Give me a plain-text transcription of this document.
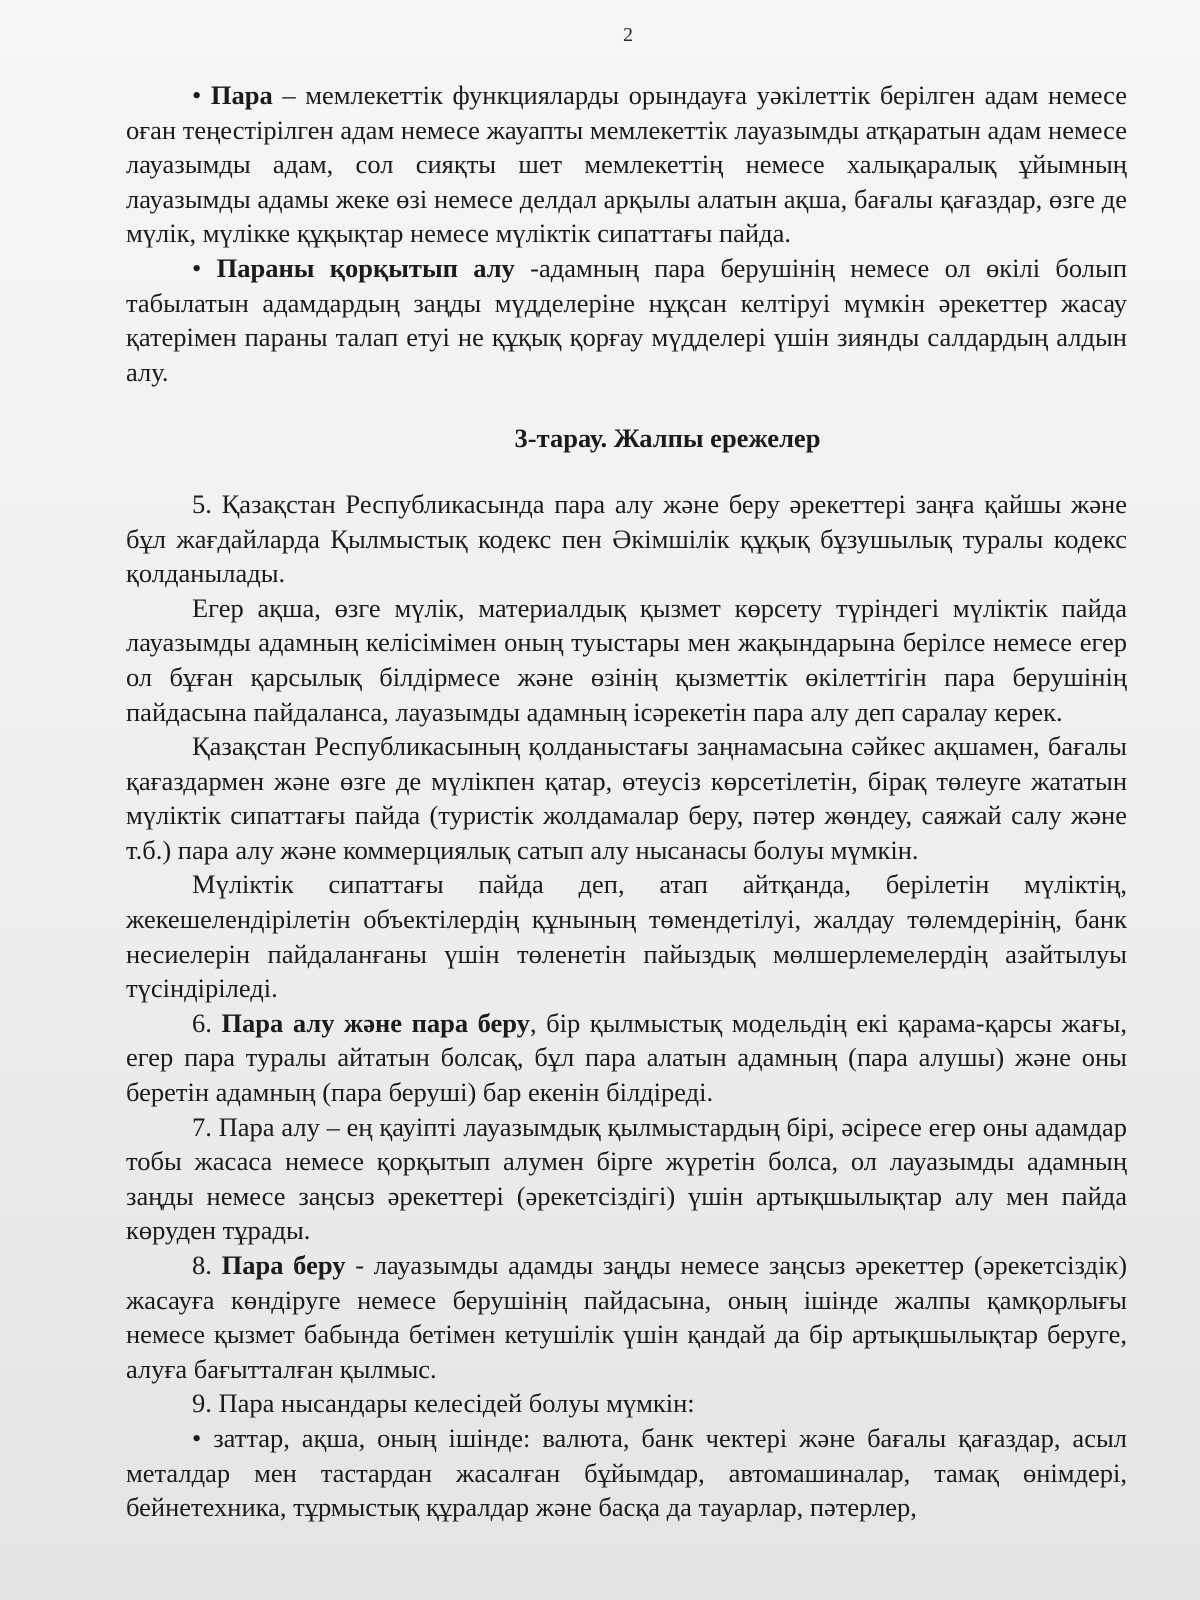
2

• Пара – мемлекеттік функцияларды орындауға уәкілеттік берілген адам немесе оған теңестірілген адам немесе жауапты мемлекеттік лауазымды атқаратын адам немесе лауазымды адам, сол сияқты шет мемлекеттің немесе халықаралық ұйымның лауазымды адамы жеке өзі немесе делдал арқылы алатын ақша, бағалы қағаздар, өзге де мүлік, мүлікке құқықтар немесе мүліктік сипаттағы пайда.

• Параны қорқытып алу -адамның пара берушінің немесе ол өкілі болып табылатын адамдардың заңды мүдделеріне нұқсан келтіруі мүмкін әрекеттер жасау қатерімен параны талап етуі не құқық қорғау мүдделері үшін зиянды салдардың алдын алу.

3-тарау. Жалпы ережелер

5. Қазақстан Республикасында пара алу және беру әрекеттері заңға қайшы және бұл жағдайларда Қылмыстық кодекс пен Әкімшілік құқық бұзушылық туралы кодекс қолданылады.

Егер ақша, өзге мүлік, материалдық қызмет көрсету түріндегі мүліктік пайда лауазымды адамның келісімімен оның туыстары мен жақындарына берілсе немесе егер ол бұған қарсылық білдірмесе және өзінің қызметтік өкілеттігін пара берушінің пайдасына пайдаланса, лауазымды адамның ісәрекетін пара алу деп саралау керек.

Қазақстан Республикасының қолданыстағы заңнамасына сәйкес ақшамен, бағалы қағаздармен және өзге де мүлікпен қатар, өтеусіз көрсетілетін, бірақ төлеуге жататын мүліктік сипаттағы пайда (туристік жолдамалар беру, пәтер жөндеу, саяжай салу және т.б.) пара алу және коммерциялық сатып алу нысанасы болуы мүмкін.

Мүліктік сипаттағы пайда деп, атап айтқанда, берілетін мүліктің, жекешелендірілетін объектілердің құнының төмендетілуі, жалдау төлемдерінің, банк несиелерін пайдаланғаны үшін төленетін пайыздық мөлшерлемелердің азайтылуы түсіндіріледі.

6. Пара алу және пара беру, бір қылмыстық модельдің екі қарама-қарсы жағы, егер пара туралы айтатын болсақ, бұл пара алатын адамның (пара алушы) және оны беретін адамның (пара беруші) бар екенін білдіреді.

7. Пара алу – ең қауіпті лауазымдық қылмыстардың бірі, әсіресе егер оны адамдар тобы жасаса немесе қорқытып алумен бірге жүретін болса, ол лауазымды адамның заңды немесе заңсыз әрекеттері (әрекетсіздігі) үшін артықшылықтар алу мен пайда көруден тұрады.

8. Пара беру - лауазымды адамды заңды немесе заңсыз әрекеттер (әрекетсіздік) жасауға көндіруге немесе берушінің пайдасына, оның ішінде жалпы қамқорлығы немесе қызмет бабында бетімен кетушілік үшін қандай да бір артықшылықтар беруге, алуға бағытталған қылмыс.

9. Пара нысандары келесідей болуы мүмкін:

• заттар, ақша, оның ішінде: валюта, банк чектері және бағалы қағаздар, асыл металдар мен тастардан жасалған бұйымдар, автомашиналар, тамақ өнімдері, бейнетехника, тұрмыстық құралдар және басқа да тауарлар, пәтерлер,
